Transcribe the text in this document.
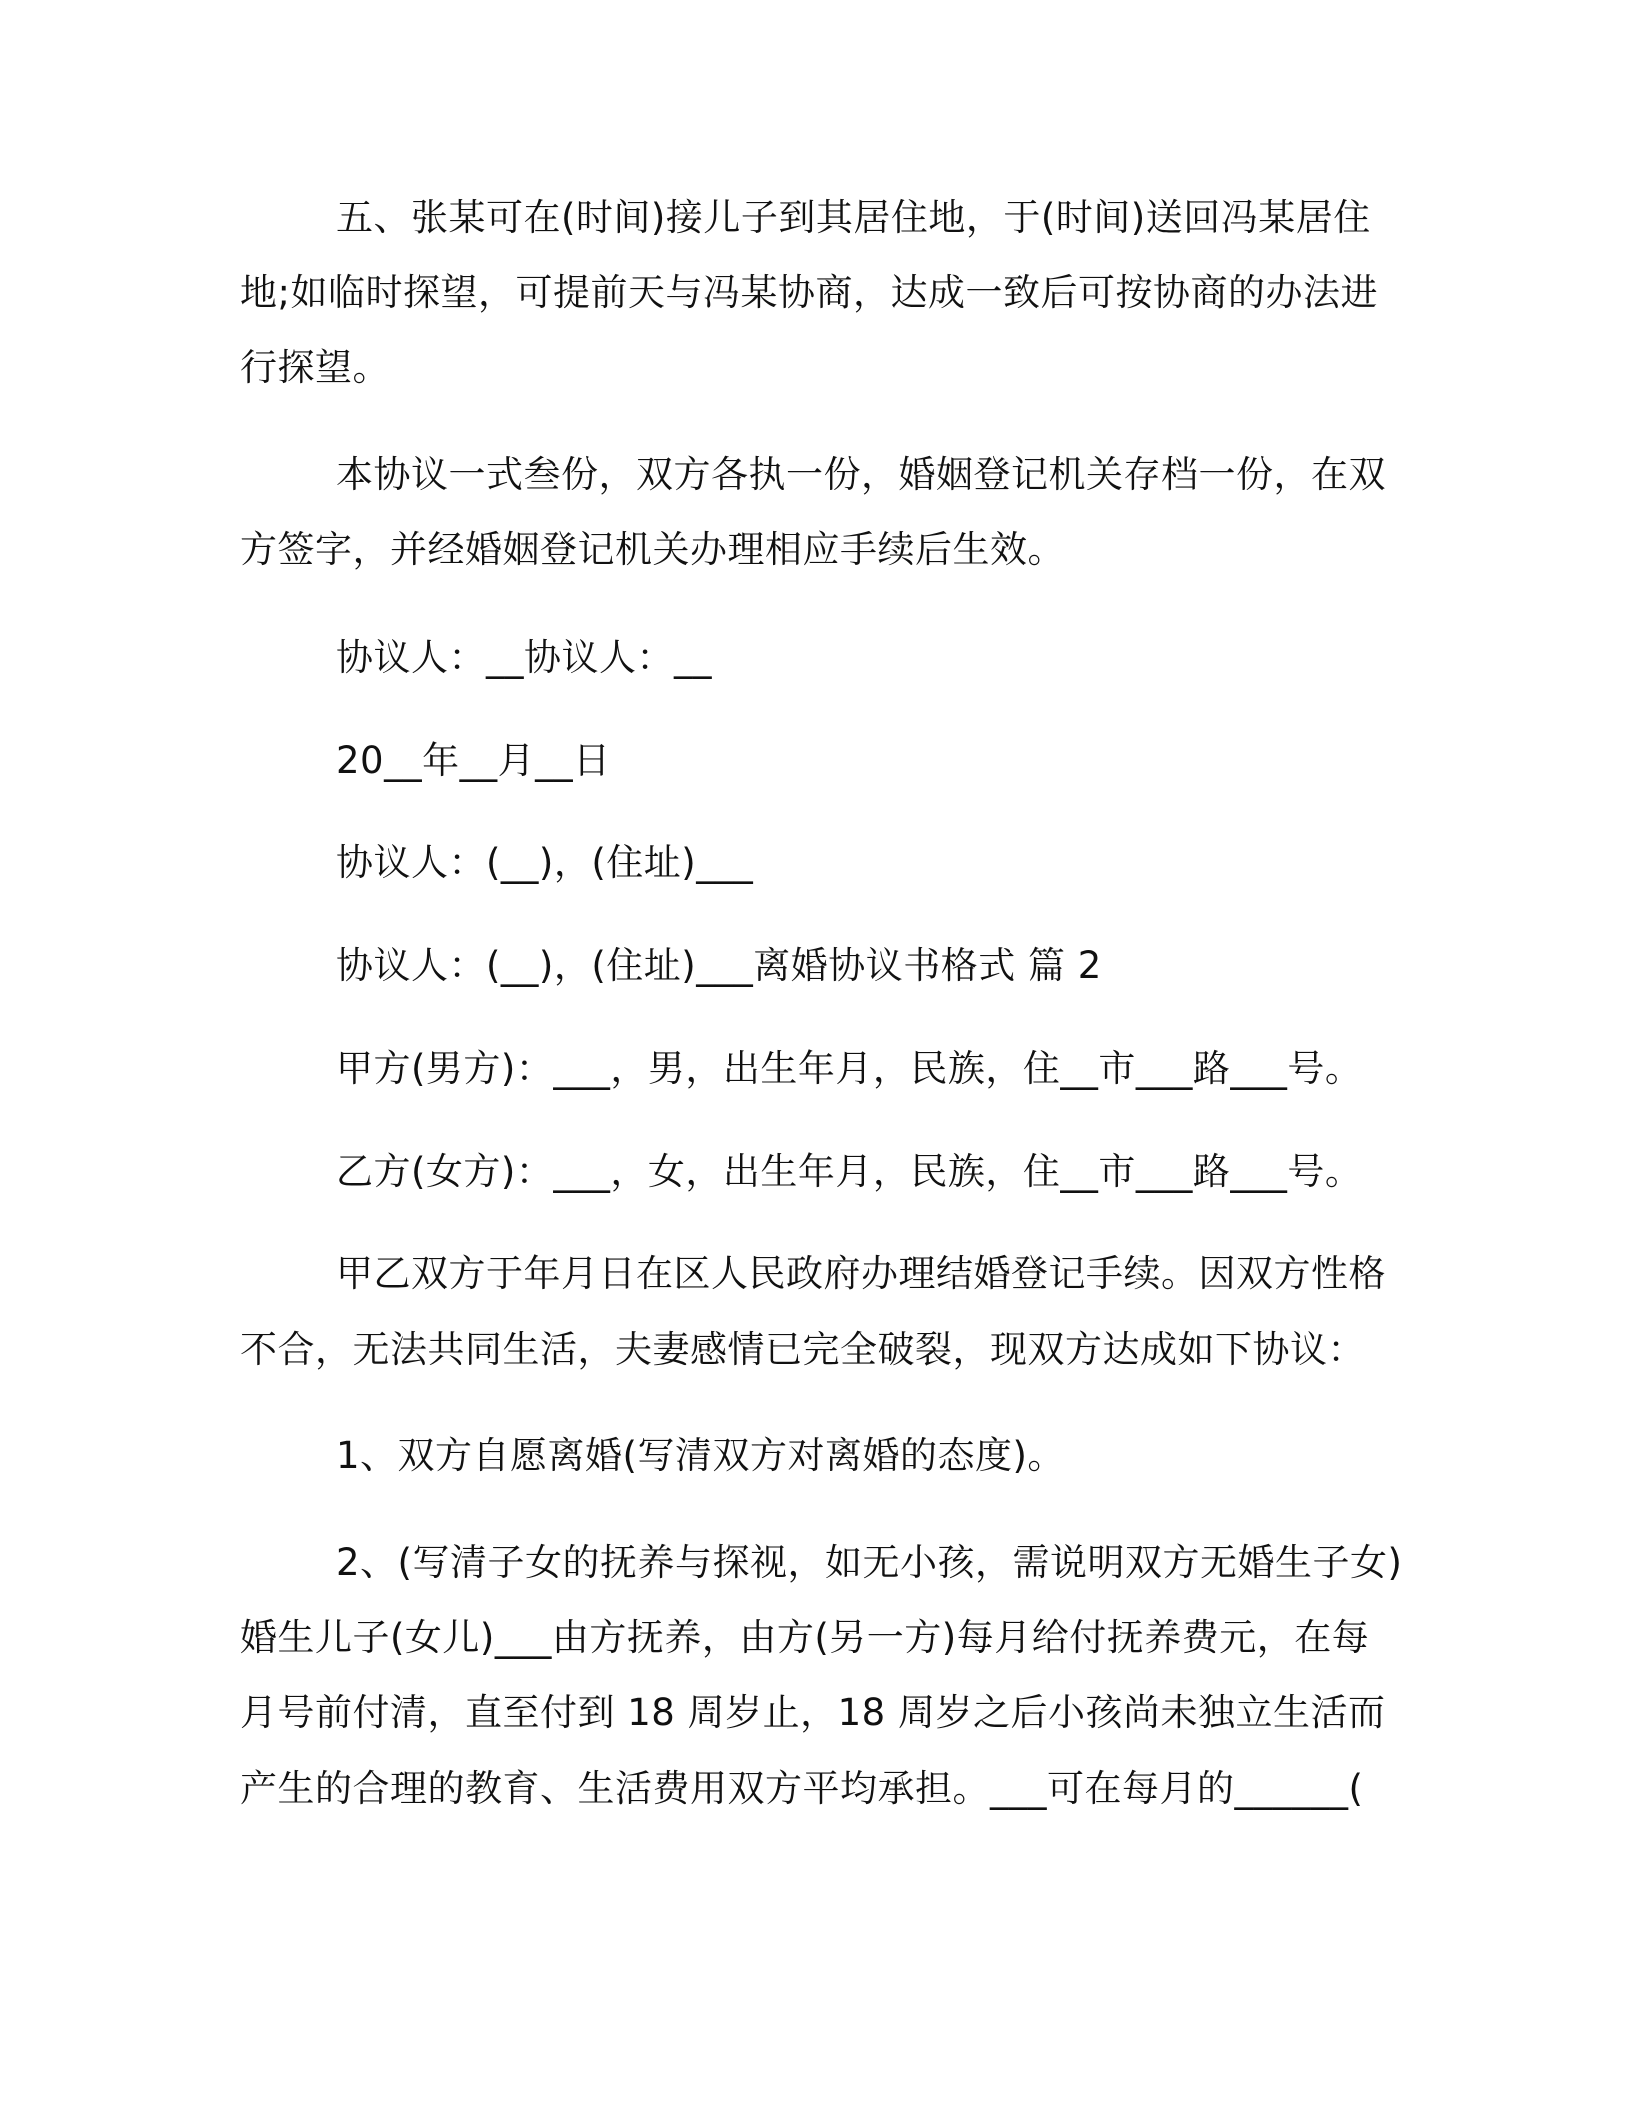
五、张某可在(时间)接儿子到其居住地，于(时间)送回冯某居住
地;如临时探望，可提前天与冯某协商，达成一致后可按协商的办法进
行探望。
本协议一式叁份，双方各执一份，婚姻登记机关存档一份，在双
方签字，并经婚姻登记机关办理相应手续后生效。
协议人：__协议人：__
20__年__月__日
协议人：(__)，(住址)___
协议人：(__)，(住址)___离婚协议书格式 篇 2
甲方(男方)：___，男，出生年月，民族，住__市___路___号。
乙方(女方)：___，女，出生年月，民族，住__市___路___号。
甲乙双方于年月日在区人民政府办理结婚登记手续。因双方性格
不合，无法共同生活，夫妻感情已完全破裂，现双方达成如下协议：
1、双方自愿离婚(写清双方对离婚的态度)。
2、(写清子女的抚养与探视，如无小孩，需说明双方无婚生子女)
婚生儿子(女儿)___由方抚养，由方(另一方)每月给付抚养费元，在每
月号前付清，直至付到 18 周岁止，18 周岁之后小孩尚未独立生活而
产生的合理的教育、生活费用双方平均承担。___可在每月的______(
